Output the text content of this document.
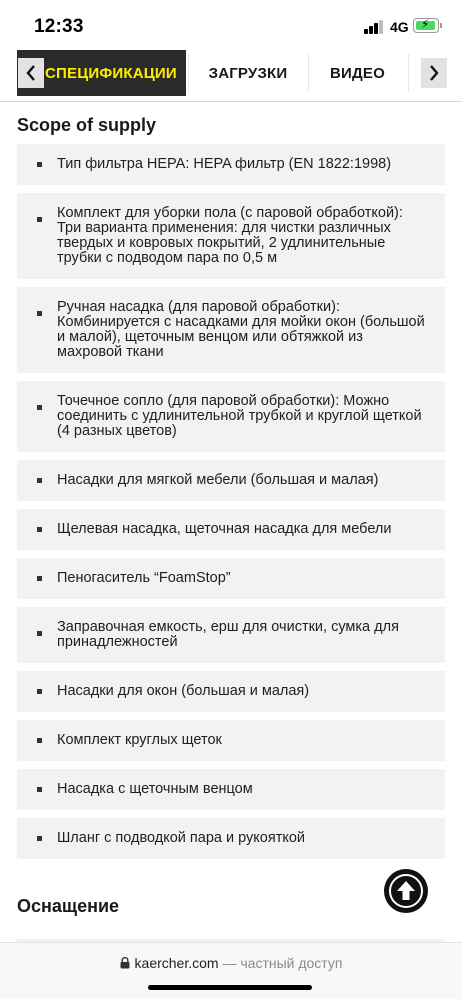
12:33	4G ⚡
СПЕЦИФИКАЦИИ	ЗАГРУЗКИ	ВИДЕО
Scope of supply
Тип фильтра HEPA: HEPA фильтр (EN 1822:1998)
Комплект для уборки пола (с паровой обработкой): Три варианта применения: для чистки различных твердых и ковровых покрытий, 2 удлинительные трубки с подводом пара по 0,5 м
Ручная насадка (для паровой обработки): Комбинируется с насадками для мойки окон (большой и малой), щеточным венцом или обтяжкой из махровой ткани
Точечное сопло (для паровой обработки): Можно соединить с удлинительной трубкой и круглой щеткой (4 разных цветов)
Насадки для мягкой мебели (большая и малая)
Щелевая насадка, щеточная насадка для мебели
Пеногаситель “FoamStop”
Заправочная емкость, ерш для очистки, сумка для принадлежностей
Насадки для окон (большая и малая)
Комплект круглых щеток
Насадка с щеточным венцом
Шланг с подводкой пара и рукояткой
Оснащение
kaercher.com — частный доступ
